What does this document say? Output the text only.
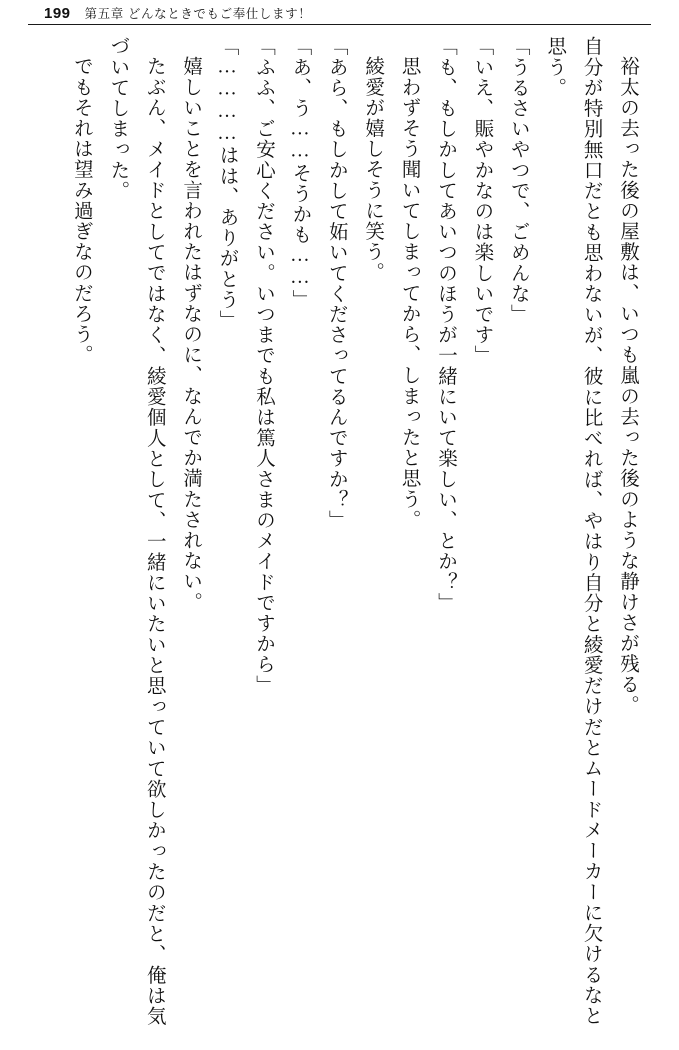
199 第五章 どんなときでもご奉仕します！

裕太の去った後の屋敷は、いつも嵐の去った後のような静けさが残る。

自分が特別無口だとも思わないが、彼に比べれば、やはり自分と綾愛だけだとムードメーカーに欠けるなと思う。

「うるさいやつで、ごめんな」

「いえ、賑やかなのは楽しいです」

「も、もしかしてあいつのほうが一緒にいて楽しい、とか？」

思わずそう聞いてしまってから、しまったと思う。

綾愛が嬉しそうに笑う。

「あら、もしかして妬いてくださってるんですか？」

「あ、う……そうかも……」

「ふふ、ご安心ください。いつまでも私は篤人さまのメイドですから」

「…………はは、ありがとう」

嬉しいことを言われたはずなのに、なんでか満たされない。

たぶん、メイドとしてではなく、綾愛個人として、一緒にいたいと思っていて欲しかったのだと、俺は気づいてしまった。

でもそれは望み過ぎなのだろう。
